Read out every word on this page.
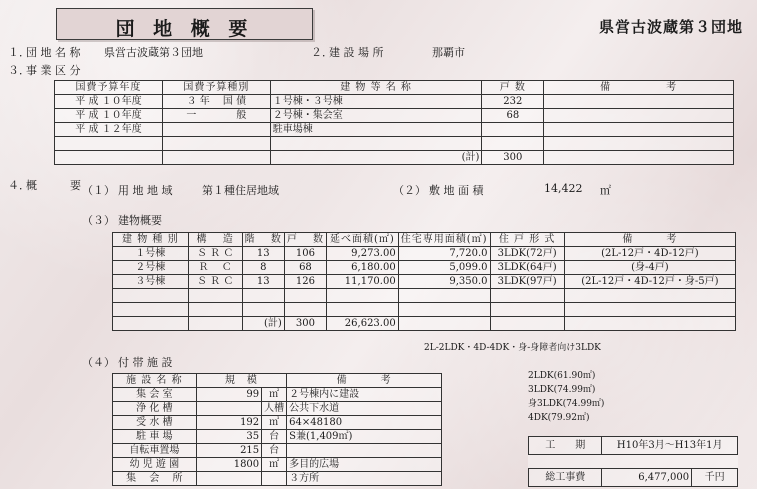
団 地 概 要	県営古波蔵第３団地
１．
団 地 名 称 県営古波蔵第３団地	２．
建 設 場 所	那覇市
３．
事 業 区 分
国費予算年度	国費予算種別	建 物 等 名 称	戸 数	備　　　　　考
平 成 １０年度	３ 年 　国 債	１号棟・３号棟	232	
平 成 １０年度	一　　　　般	２号棟・集会室	68	
平 成 １２年度		駐車場棟		

		(計)	300	
４．
概　　　要 （１） 用 地 地 域	第１種住居地域	（２） 敷 地 面 積	14,422 ㎡
（３） 建物概要
建 物 種 別	構 　造	階 　数	戸 　数	延べ面積(㎡)	住宅専用面積(㎡)	住 戸 形 式	備　　　考
１号棟	Ｓ Ｒ Ｃ	13	106	9,273.00	7,720.0	3LDK(72戸)	(2L-12戸・4D-12戸)
２号棟	Ｒ 　Ｃ	8	68	6,180.00	5,099.0	3LDK(64戸)	(身-4戸)
３号棟	Ｓ Ｒ Ｃ	13	126	11,170.00	9,350.0	3LDK(97戸)	(2L-12戸・4D-12戸・身-5戸)

		(計)	300	26,623.00			
2L-2LDK・4D-4DK・身-身障者向け3LDK
（４） 付 帯 施 設
施 設 名 称	規　模		備　　　考
集 会 室	99	㎡	２号棟内に建設
浄 化 槽		人槽	公共下水道
受 水 槽	192	㎥	64×48180
駐 車 場	35	台	S兼(1,409㎡)
自転車置場	215	台	
幼 児 遊 園	1800	㎡	多目的広場
集 　会 　所			３方所
2LDK(61.90㎡)
3LDK(74.99㎡)
身3LDK(74.99㎡)
4DK(79.92㎡)
工　　期	H10年3月～H13年1月	

総工事費	6,477,000	千円
